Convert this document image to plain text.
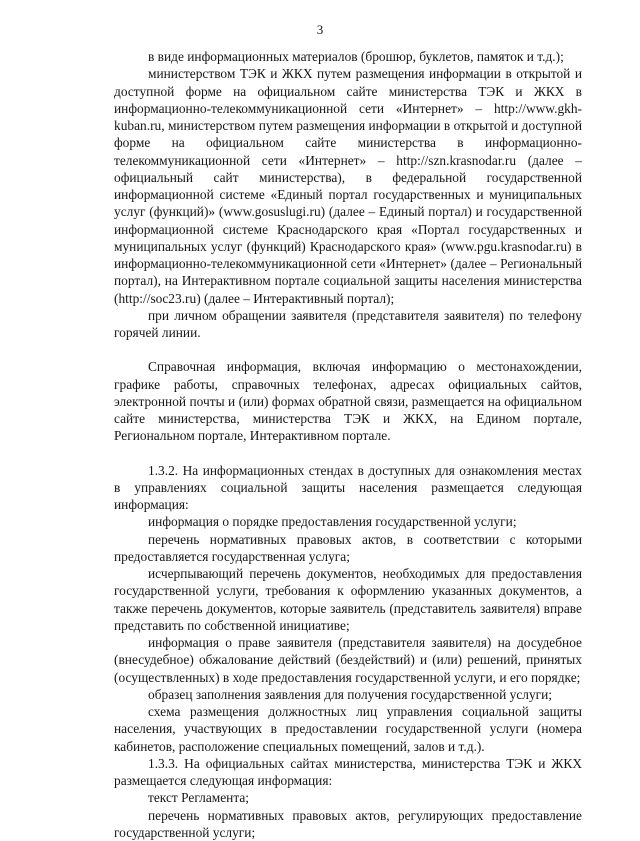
3

в виде информационных материалов (брошюр, буклетов, памяток и т.д.);

министерством ТЭК и ЖКХ путем размещения информации в открытой и доступной форме на официальном сайте министерства ТЭК и ЖКХ в информационно-телекоммуникационной сети «Интернет» – http://www.gkh-kuban.ru, министерством путем размещения информации в открытой и доступной форме на официальном сайте министерства в информационно-телекоммуникационной сети «Интернет» – http://szn.krasnodar.ru (далее – официальный сайт министерства), в федеральной государственной информационной системе «Единый портал государственных и муниципальных услуг (функций)» (www.gosuslugi.ru) (далее – Единый портал) и государственной информационной системе Краснодарского края «Портал государственных и муниципальных услуг (функций) Краснодарского края» (www.pgu.krasnodar.ru) в информационно-телекоммуникационной сети «Интернет» (далее – Региональный портал), на Интерактивном портале социальной защиты населения министерства (http://soc23.ru) (далее – Интерактивный портал);

при личном обращении заявителя (представителя заявителя) по телефону горячей линии.

Справочная информация, включая информацию о местонахождении, графике работы, справочных телефонах, адресах официальных сайтов, электронной почты и (или) формах обратной связи, размещается на официальном сайте министерства, министерства ТЭК и ЖКХ, на Едином портале, Региональном портале, Интерактивном портале.

1.3.2. На информационных стендах в доступных для ознакомления местах в управлениях социальной защиты населения размещается следующая информация:

информация о порядке предоставления государственной услуги;

перечень нормативных правовых актов, в соответствии с которыми предоставляется государственная услуга;

исчерпывающий перечень документов, необходимых для предоставления государственной услуги, требования к оформлению указанных документов, а также перечень документов, которые заявитель (представитель заявителя) вправе представить по собственной инициативе;

информация о праве заявителя (представителя заявителя) на досудебное (внесудебное) обжалование действий (бездействий) и (или) решений, принятых (осуществленных) в ходе предоставления государственной услуги, и его порядке;

образец заполнения заявления для получения государственной услуги;

схема размещения должностных лиц управления социальной защиты населения, участвующих в предоставлении государственной услуги (номера кабинетов, расположение специальных помещений, залов и т.д.).

1.3.3. На официальных сайтах министерства, министерства ТЭК и ЖКХ размещается следующая информация:

текст Регламента;

перечень нормативных правовых актов, регулирующих предоставление государственной услуги;
